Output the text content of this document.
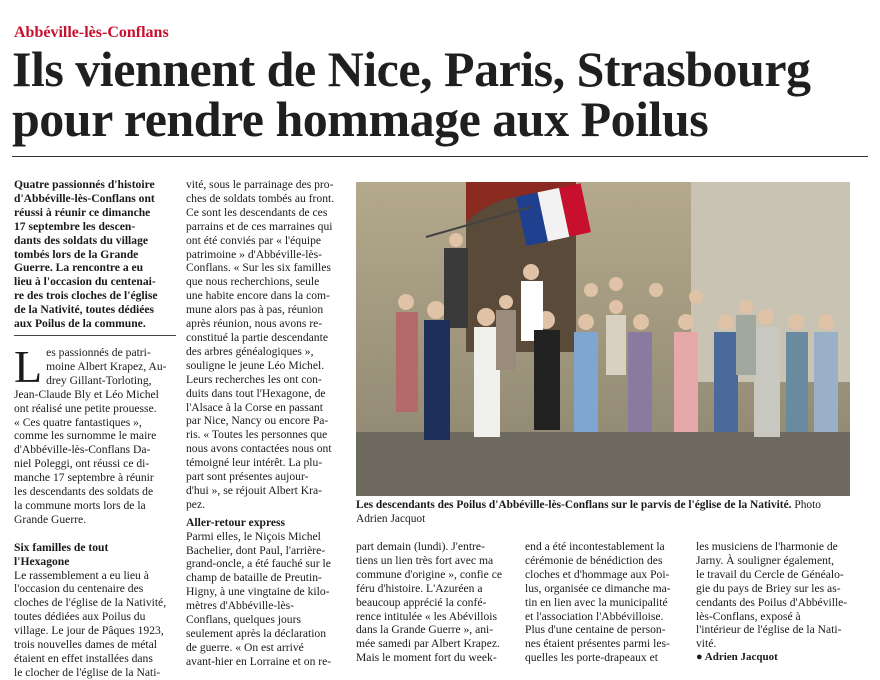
Abbéville-lès-Conflans
Ils viennent de Nice, Paris, Strasbourg
pour rendre hommage aux Poilus
Quatre passionnés d'histoire
d'Abbéville-lès-Conflans ont
réussi à réunir ce dimanche
17 septembre les descen-
dants des soldats du village
tombés lors de la Grande
Guerre. La rencontre a eu
lieu à l'occasion du centenai-
re des trois cloches de l'église
de la Nativité, toutes dédiées
aux Poilus de la commune.
L es passionnés de patri-
moine Albert Krapez, Au-
drey Gillant-Torloting,
Jean-Claude Bly et Léo Michel
ont réalisé une petite prouesse.
« Ces quatre fantastiques »,
comme les surnomme le maire
d'Abbéville-lès-Conflans Da-
niel Poleggi, ont réussi ce di-
manche 17 septembre à réunir
les descendants des soldats de
la commune morts lors de la
Grande Guerre.
Six familles de tout
l'Hexagone
Le rassemblement a eu lieu à
l'occasion du centenaire des
cloches de l'église de la Nativité,
toutes dédiées aux Poilus du
village. Le jour de Pâques 1923,
trois nouvelles dames de métal
étaient en effet installées dans
le clocher de l'église de la Nati-
vité, sous le parrainage des pro-
ches de soldats tombés au front.
Ce sont les descendants de ces
parrains et de ces marraines qui
ont été conviés par « l'équipe
patrimoine » d'Abbéville-lès-
Conflans. « Sur les six familles
que nous recherchions, seule
une habite encore dans la com-
mune alors pas à pas, réunion
après réunion, nous avons re-
constitué la partie descendante
des arbres généalogiques »,
souligne le jeune Léo Michel.
Leurs recherches les ont con-
duits dans tout l'Hexagone, de
l'Alsace à la Corse en passant
par Nice, Nancy ou encore Pa-
ris. « Toutes les personnes que
nous avons contactées nous ont
témoigné leur intérêt. La plu-
part sont présentes aujour-
d'hui », se réjouit Albert Kra-
pez.
Aller-retour express
Parmi elles, le Niçois Michel
Bachelier, dont Paul, l'arrière-
grand-oncle, a été fauché sur le
champ de bataille de Preutin-
Higny, à une vingtaine de kilo-
mètres d'Abbéville-lès-
Conflans, quelques jours
seulement après la déclaration
de guerre. « On est arrivé
avant-hier en Lorraine et on re-
Les descendants des Poilus d'Abbéville-lès-Conflans sur le parvis de l'église de la Nativité. Photo Adrien Jacquot
part demain (lundi). J'entre-
tiens un lien très fort avec ma
commune d'origine », confie ce
féru d'histoire. L'Azuréen a
beaucoup apprécié la confé-
rence intitulée « les Abévillois
dans la Grande Guerre », ani-
mée samedi par Albert Krapez.
Mais le moment fort du week-
end a été incontestablement la
cérémonie de bénédiction des
cloches et d'hommage aux Poi-
lus, organisée ce dimanche ma-
tin en lien avec la municipalité
et l'association l'Abbévilloise.
Plus d'une centaine de person-
nes étaient présentes parmi les-
quelles les porte-drapeaux et
les musiciens de l'harmonie de
Jarny. À souligner également,
le travail du Cercle de Généalo-
gie du pays de Briey sur les as-
cendants des Poilus d'Abbéville-
lès-Conflans, exposé à
l'intérieur de l'église de la Nati-
vité.
● Adrien Jacquot
